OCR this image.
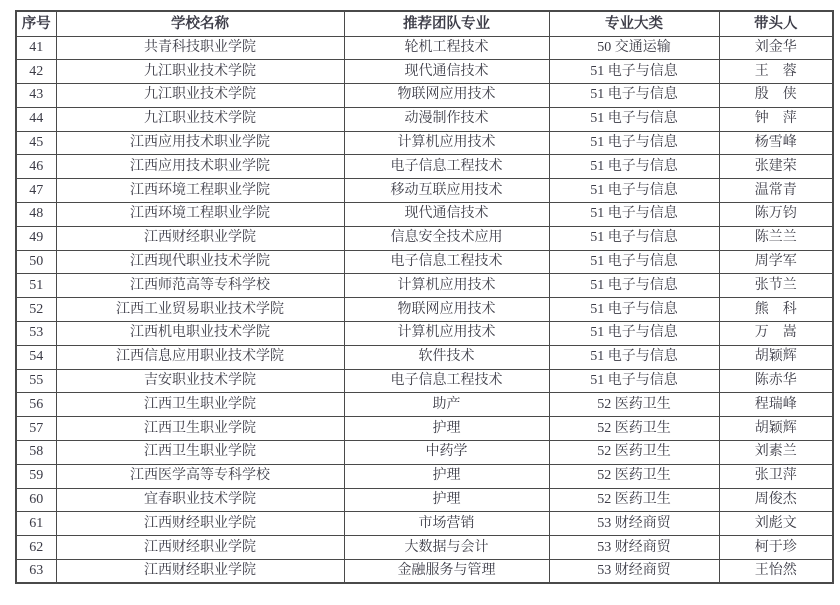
序号	学校名称	推荐团队专业	专业大类	带头人
41	共青科技职业学院	轮机工程技术	50 交通运输	刘金华
42	九江职业技术学院	现代通信技术	51 电子与信息	王　蓉
43	九江职业技术学院	物联网应用技术	51 电子与信息	殷　侠
44	九江职业技术学院	动漫制作技术	51 电子与信息	钟　萍
45	江西应用技术职业学院	计算机应用技术	51 电子与信息	杨雪峰
46	江西应用技术职业学院	电子信息工程技术	51 电子与信息	张建荣
47	江西环境工程职业学院	移动互联应用技术	51 电子与信息	温常青
48	江西环境工程职业学院	现代通信技术	51 电子与信息	陈万钧
49	江西财经职业学院	信息安全技术应用	51 电子与信息	陈兰兰
50	江西现代职业技术学院	电子信息工程技术	51 电子与信息	周学军
51	江西师范高等专科学校	计算机应用技术	51 电子与信息	张节兰
52	江西工业贸易职业技术学院	物联网应用技术	51 电子与信息	熊　科
53	江西机电职业技术学院	计算机应用技术	51 电子与信息	万　嵩
54	江西信息应用职业技术学院	软件技术	51 电子与信息	胡颖辉
55	吉安职业技术学院	电子信息工程技术	51 电子与信息	陈赤华
56	江西卫生职业学院	助产	52 医药卫生	程瑞峰
57	江西卫生职业学院	护理	52 医药卫生	胡颖辉
58	江西卫生职业学院	中药学	52 医药卫生	刘素兰
59	江西医学高等专科学校	护理	52 医药卫生	张卫萍
60	宜春职业技术学院	护理	52 医药卫生	周俊杰
61	江西财经职业学院	市场营销	53 财经商贸	刘彪文
62	江西财经职业学院	大数据与会计	53 财经商贸	柯于珍
63	江西财经职业学院	金融服务与管理	53 财经商贸	王怡然
